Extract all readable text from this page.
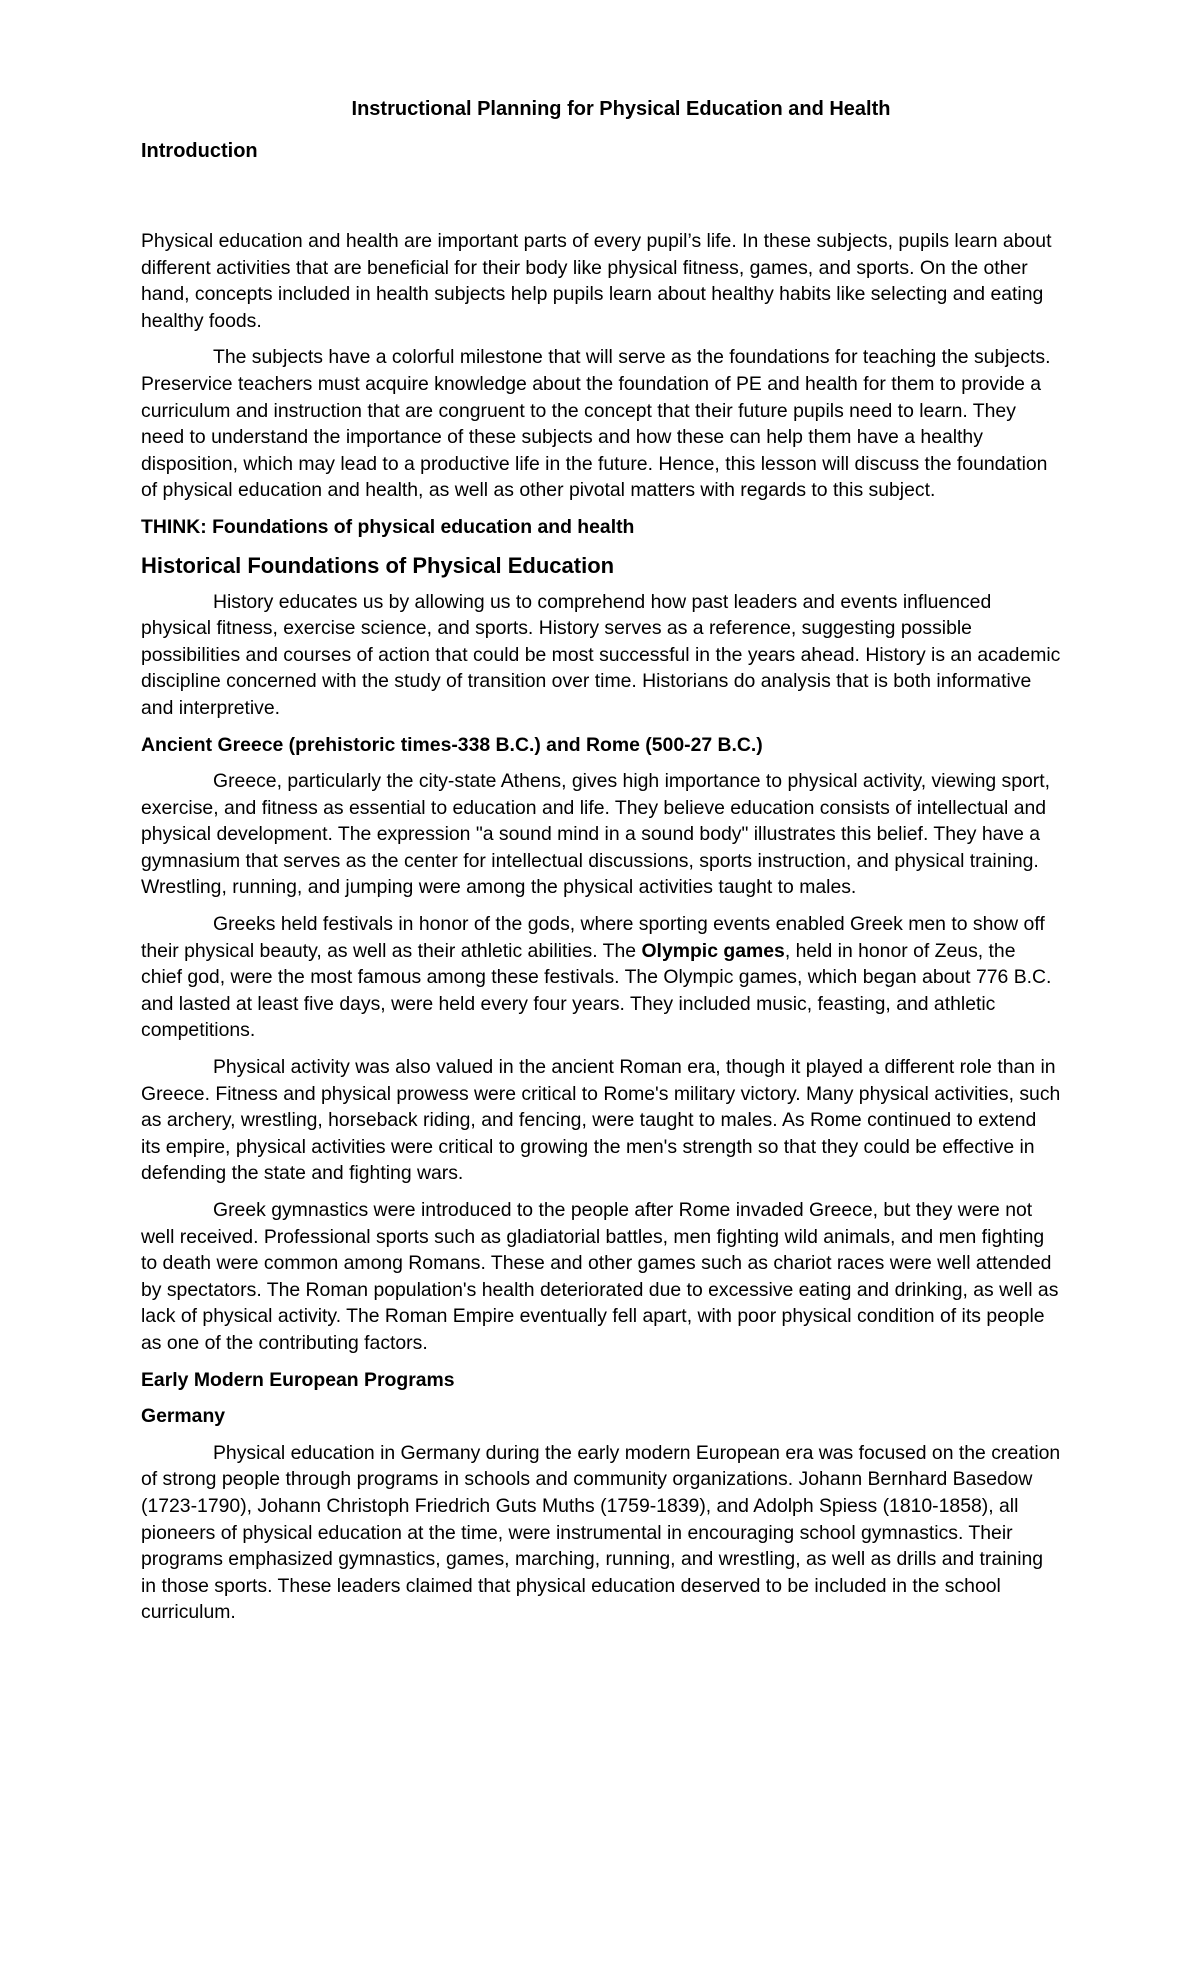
Instructional Planning for Physical Education and Health
Introduction

Physical education and health are important parts of every pupil’s life. In these subjects, pupils learn about different activities that are beneficial for their body like physical fitness, games, and sports. On the other hand, concepts included in health subjects help pupils learn about healthy habits like selecting and eating healthy foods.

The subjects have a colorful milestone that will serve as the foundations for teaching the subjects. Preservice teachers must acquire knowledge about the foundation of PE and health for them to provide a curriculum and instruction that are congruent to the concept that their future pupils need to learn. They need to understand the importance of these subjects and how these can help them have a healthy disposition, which may lead to a productive life in the future. Hence, this lesson will discuss the foundation of physical education and health, as well as other pivotal matters with regards to this subject.

THINK: Foundations of physical education and health
Historical Foundations of Physical Education

History educates us by allowing us to comprehend how past leaders and events influenced physical fitness, exercise science, and sports. History serves as a reference, suggesting possible possibilities and courses of action that could be most successful in the years ahead. History is an academic discipline concerned with the study of transition over time. Historians do analysis that is both informative and interpretive.

Ancient Greece (prehistoric times-338 B.C.) and Rome (500-27 B.C.)

Greece, particularly the city-state Athens, gives high importance to physical activity, viewing sport, exercise, and fitness as essential to education and life. They believe education consists of intellectual and physical development. The expression "a sound mind in a sound body" illustrates this belief. They have a gymnasium that serves as the center for intellectual discussions, sports instruction, and physical training. Wrestling, running, and jumping were among the physical activities taught to males.

Greeks held festivals in honor of the gods, where sporting events enabled Greek men to show off their physical beauty, as well as their athletic abilities. The Olympic games, held in honor of Zeus, the chief god, were the most famous among these festivals. The Olympic games, which began about 776 B.C. and lasted at least five days, were held every four years. They included music, feasting, and athletic competitions.

Physical activity was also valued in the ancient Roman era, though it played a different role than in Greece. Fitness and physical prowess were critical to Rome's military victory. Many physical activities, such as archery, wrestling, horseback riding, and fencing, were taught to males. As Rome continued to extend its empire, physical activities were critical to growing the men's strength so that they could be effective in defending the state and fighting wars.

Greek gymnastics were introduced to the people after Rome invaded Greece, but they were not well received. Professional sports such as gladiatorial battles, men fighting wild animals, and men fighting to death were common among Romans. These and other games such as chariot races were well attended by spectators. The Roman population's health deteriorated due to excessive eating and drinking, as well as lack of physical activity. The Roman Empire eventually fell apart, with poor physical condition of its people as one of the contributing factors.

Early Modern European Programs
Germany

Physical education in Germany during the early modern European era was focused on the creation of strong people through programs in schools and community organizations. Johann Bernhard Basedow (1723-1790), Johann Christoph Friedrich Guts Muths (1759-1839), and Adolph Spiess (1810-1858), all pioneers of physical education at the time, were instrumental in encouraging school gymnastics. Their programs emphasized gymnastics, games, marching, running, and wrestling, as well as drills and training in those sports. These leaders claimed that physical education deserved to be included in the school curriculum.
